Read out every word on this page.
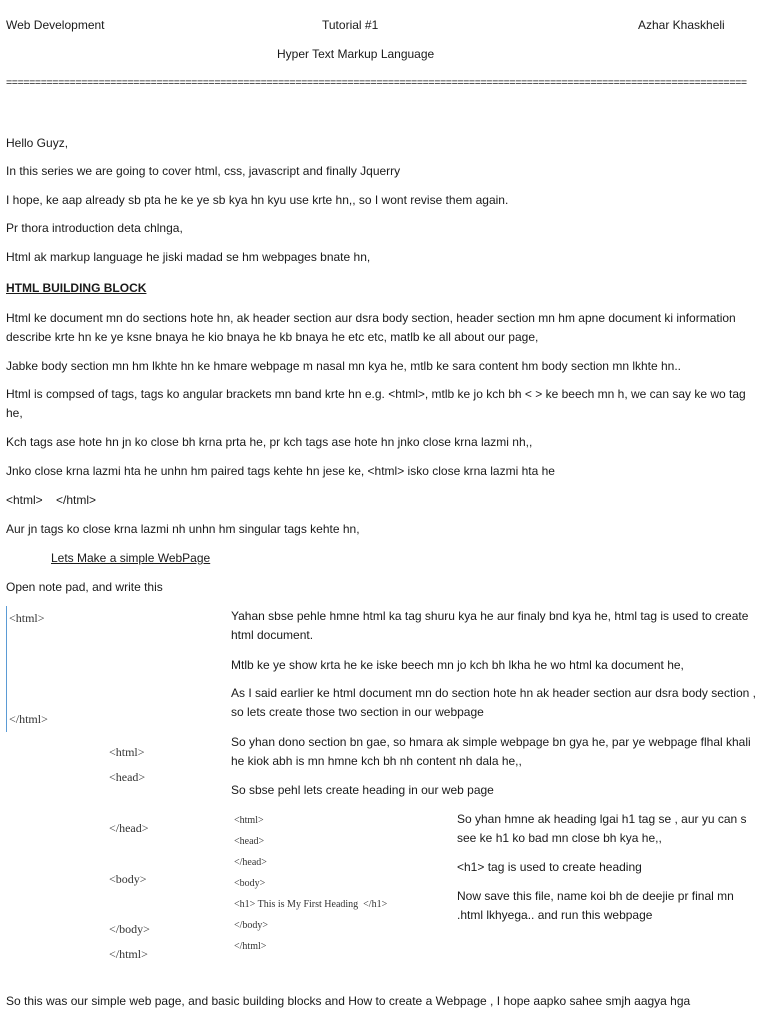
Web Development	Tutorial #1	Azhar Khaskheli
Hyper Text Markup Language
================================================================================================================================
Hello Guyz,
In this series we are going to cover html, css, javascript and finally Jquerry
I hope, ke aap already sb pta he ke ye sb kya hn kyu use krte hn,, so I wont revise them again.
Pr thora introduction deta chlnga,
Html ak markup language he jiski madad se hm webpages bnate hn,
HTML BUILDING BLOCK
Html ke document mn do sections hote hn, ak header section aur dsra body section, header section mn hm apne document ki information describe krte hn ke ye ksne bnaya he kio bnaya he kb bnaya he etc etc, matlb ke all about our page,
Jabke body section mn hm lkhte hn ke hmare webpage m nasal mn kya he, mtlb ke sara content hm body section mn lkhte hn..
Html is compsed of tags, tags ko angular brackets mn band krte hn e.g. <html>, mtlb ke jo kch bh < > ke beech mn h, we can say ke wo tag he,
Kch tags ase hote hn jn ko close bh krna prta he, pr kch tags ase hote hn jnko close krna lazmi nh,,
Jnko close krna lazmi hta he unhn hm paired tags kehte hn jese ke, <html> isko close krna lazmi hta he
<html>    </html>
Aur jn tags ko close krna lazmi nh unhn hm singular tags kehte hn,
Lets Make a simple WebPage
Open note pad, and write this
<html>
</html>
Yahan sbse pehle hmne html ka tag shuru kya he aur finaly bnd kya he, html tag is used to create html document.
Mtlb ke ye show krta he ke iske beech mn jo kch bh lkha he wo html ka document he,
As I said earlier ke html document mn do section hote hn ak header section aur dsra body section , so lets create those two section in our webpage
So yhan dono section bn gae, so hmara ak simple webpage bn gya he, par ye webpage flhal khali he kiok abh is mn hmne kch bh nh content nh dala he,,
So sbse pehl lets create heading in our web page
<html>
<head>
</head>
<body>
</body>
</html>
<html>
<head>
</head>
<body>
<h1> This is My First Heading  </h1>
</body>
</html>
So yhan hmne ak heading lgai h1 tag se , aur yu can s see ke h1 ko bad mn close bh kya he,,
<h1> tag is used to create heading
Now save this file, name koi bh de deejie pr final mn .html lkhyega.. and run this webpage
So this was our simple web page, and basic building blocks and How to create a Webpage , I hope aapko sahee smjh aagya hga
